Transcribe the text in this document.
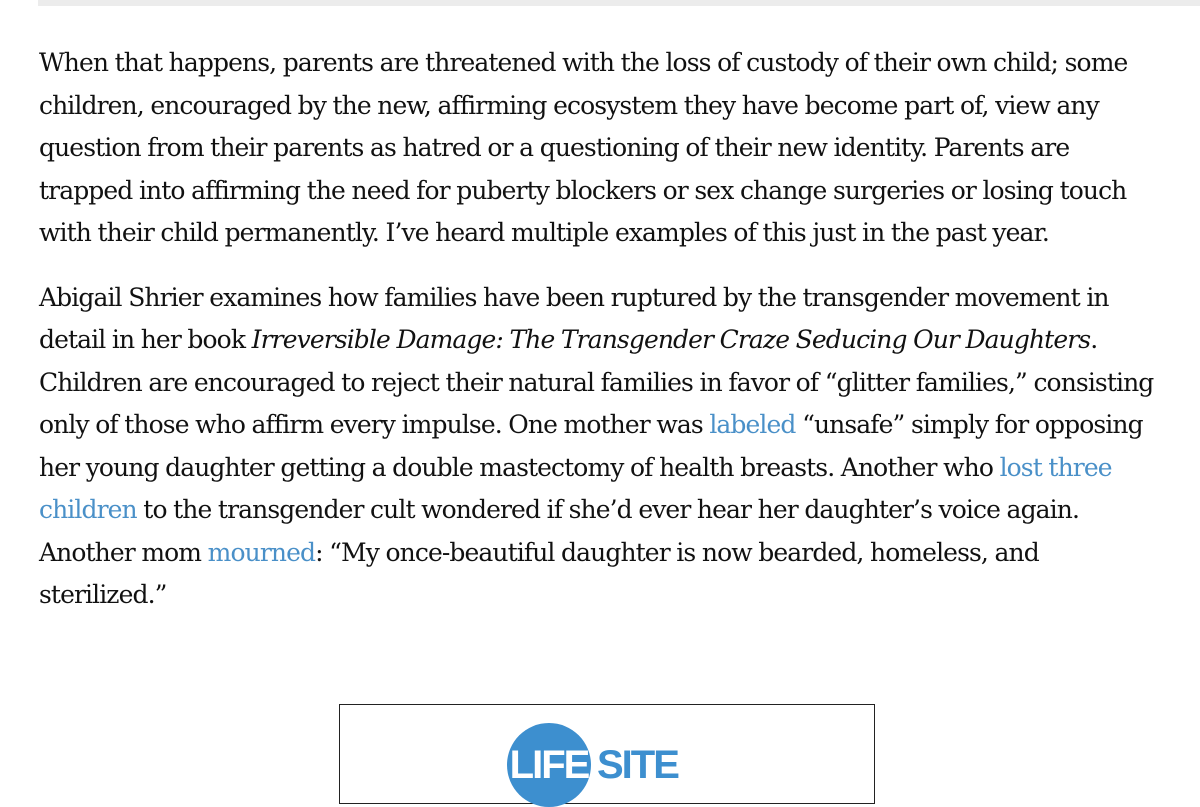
When that happens, parents are threatened with the loss of custody of their own child; some children, encouraged by the new, affirming ecosystem they have become part of, view any question from their parents as hatred or a questioning of their new identity. Parents are trapped into affirming the need for puberty blockers or sex change surgeries or losing touch with their child permanently. I’ve heard multiple examples of this just in the past year.

Abigail Shrier examines how families have been ruptured by the transgender movement in detail in her book Irreversible Damage: The Transgender Craze Seducing Our Daughters. Children are encouraged to reject their natural families in favor of “glitter families,” consisting only of those who affirm every impulse. One mother was labeled “unsafe” simply for opposing her young daughter getting a double mastectomy of health breasts. Another who lost three children to the transgender cult wondered if she’d ever hear her daughter’s voice again. Another mom mourned: “My once-beautiful daughter is now bearded, homeless, and sterilized.”

LIFE SITE
